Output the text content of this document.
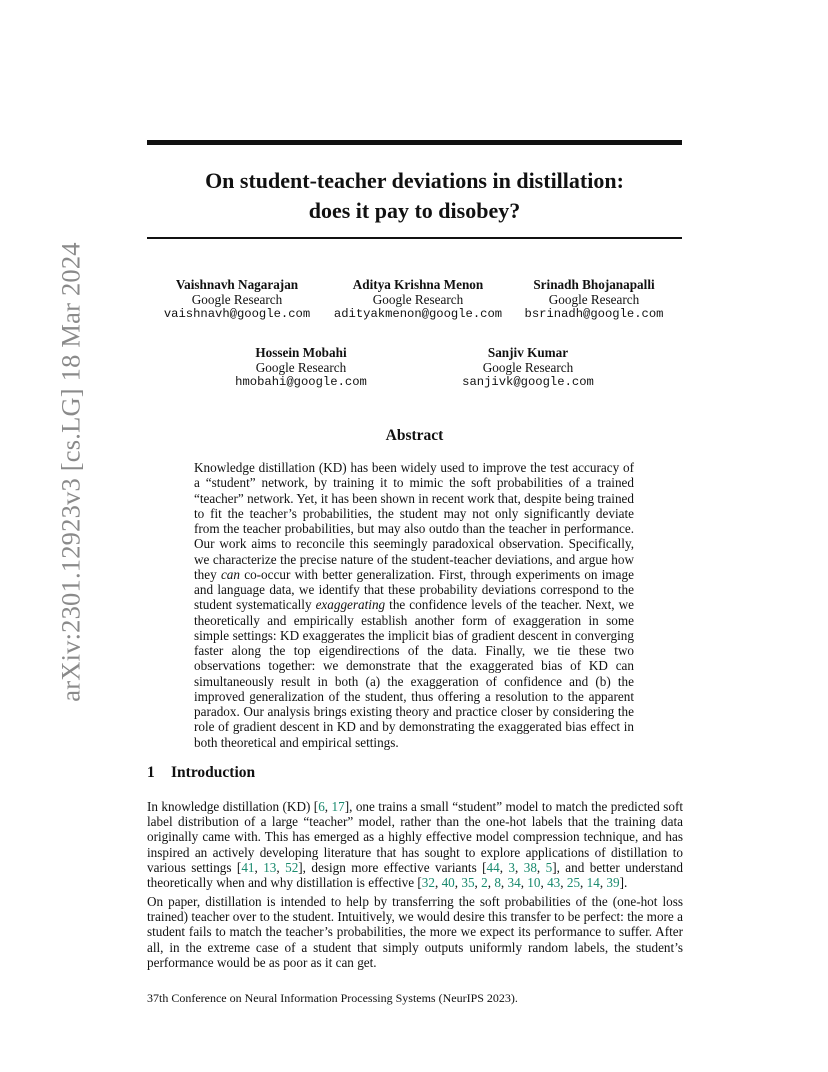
arXiv:2301.12923v3 [cs.LG] 18 Mar 2024
On student-teacher deviations in distillation:
does it pay to disobey?
Vaishnavh Nagarajan
Google Research
vaishnavh@google.com
Aditya Krishna Menon
Google Research
adityakmenon@google.com
Srinadh Bhojanapalli
Google Research
bsrinadh@google.com
Hossein Mobahi
Google Research
hmobahi@google.com
Sanjiv Kumar
Google Research
sanjivk@google.com
Abstract

Knowledge distillation (KD) has been widely used to improve the test accuracy of a “student” network, by training it to mimic the soft probabilities of a trained “teacher” network. Yet, it has been shown in recent work that, despite being trained to fit the teacher’s probabilities, the student may not only significantly deviate from the teacher probabilities, but may also outdo than the teacher in performance. Our work aims to reconcile this seemingly paradoxical observation. Specifically, we characterize the precise nature of the student-teacher deviations, and argue how they can co-occur with better generalization. First, through experiments on image and language data, we identify that these probability deviations correspond to the student systematically exaggerating the confidence levels of the teacher. Next, we theoretically and empirically establish another form of exaggeration in some simple settings: KD exaggerates the implicit bias of gradient descent in converging faster along the top eigendirections of the data. Finally, we tie these two observations together: we demonstrate that the exaggerated bias of KD can simultaneously result in both (a) the exaggeration of confidence and (b) the improved generalization of the student, thus offering a resolution to the apparent paradox. Our analysis brings existing theory and practice closer by considering the role of gradient descent in KD and by demonstrating the exaggerated bias effect in both theoretical and empirical settings.

1 Introduction

In knowledge distillation (KD) [6, 17], one trains a small “student” model to match the predicted soft label distribution of a large “teacher” model, rather than the one-hot labels that the training data originally came with. This has emerged as a highly effective model compression technique, and has inspired an actively developing literature that has sought to explore applications of distillation to various settings [41, 13, 52], design more effective variants [44, 3, 38, 5], and better understand theoretically when and why distillation is effective [32, 40, 35, 2, 8, 34, 10, 43, 25, 14, 39].

On paper, distillation is intended to help by transferring the soft probabilities of the (one-hot loss trained) teacher over to the student. Intuitively, we would desire this transfer to be perfect: the more a student fails to match the teacher’s probabilities, the more we expect its performance to suffer. After all, in the extreme case of a student that simply outputs uniformly random labels, the student’s performance would be as poor as it can get.

37th Conference on Neural Information Processing Systems (NeurIPS 2023).
